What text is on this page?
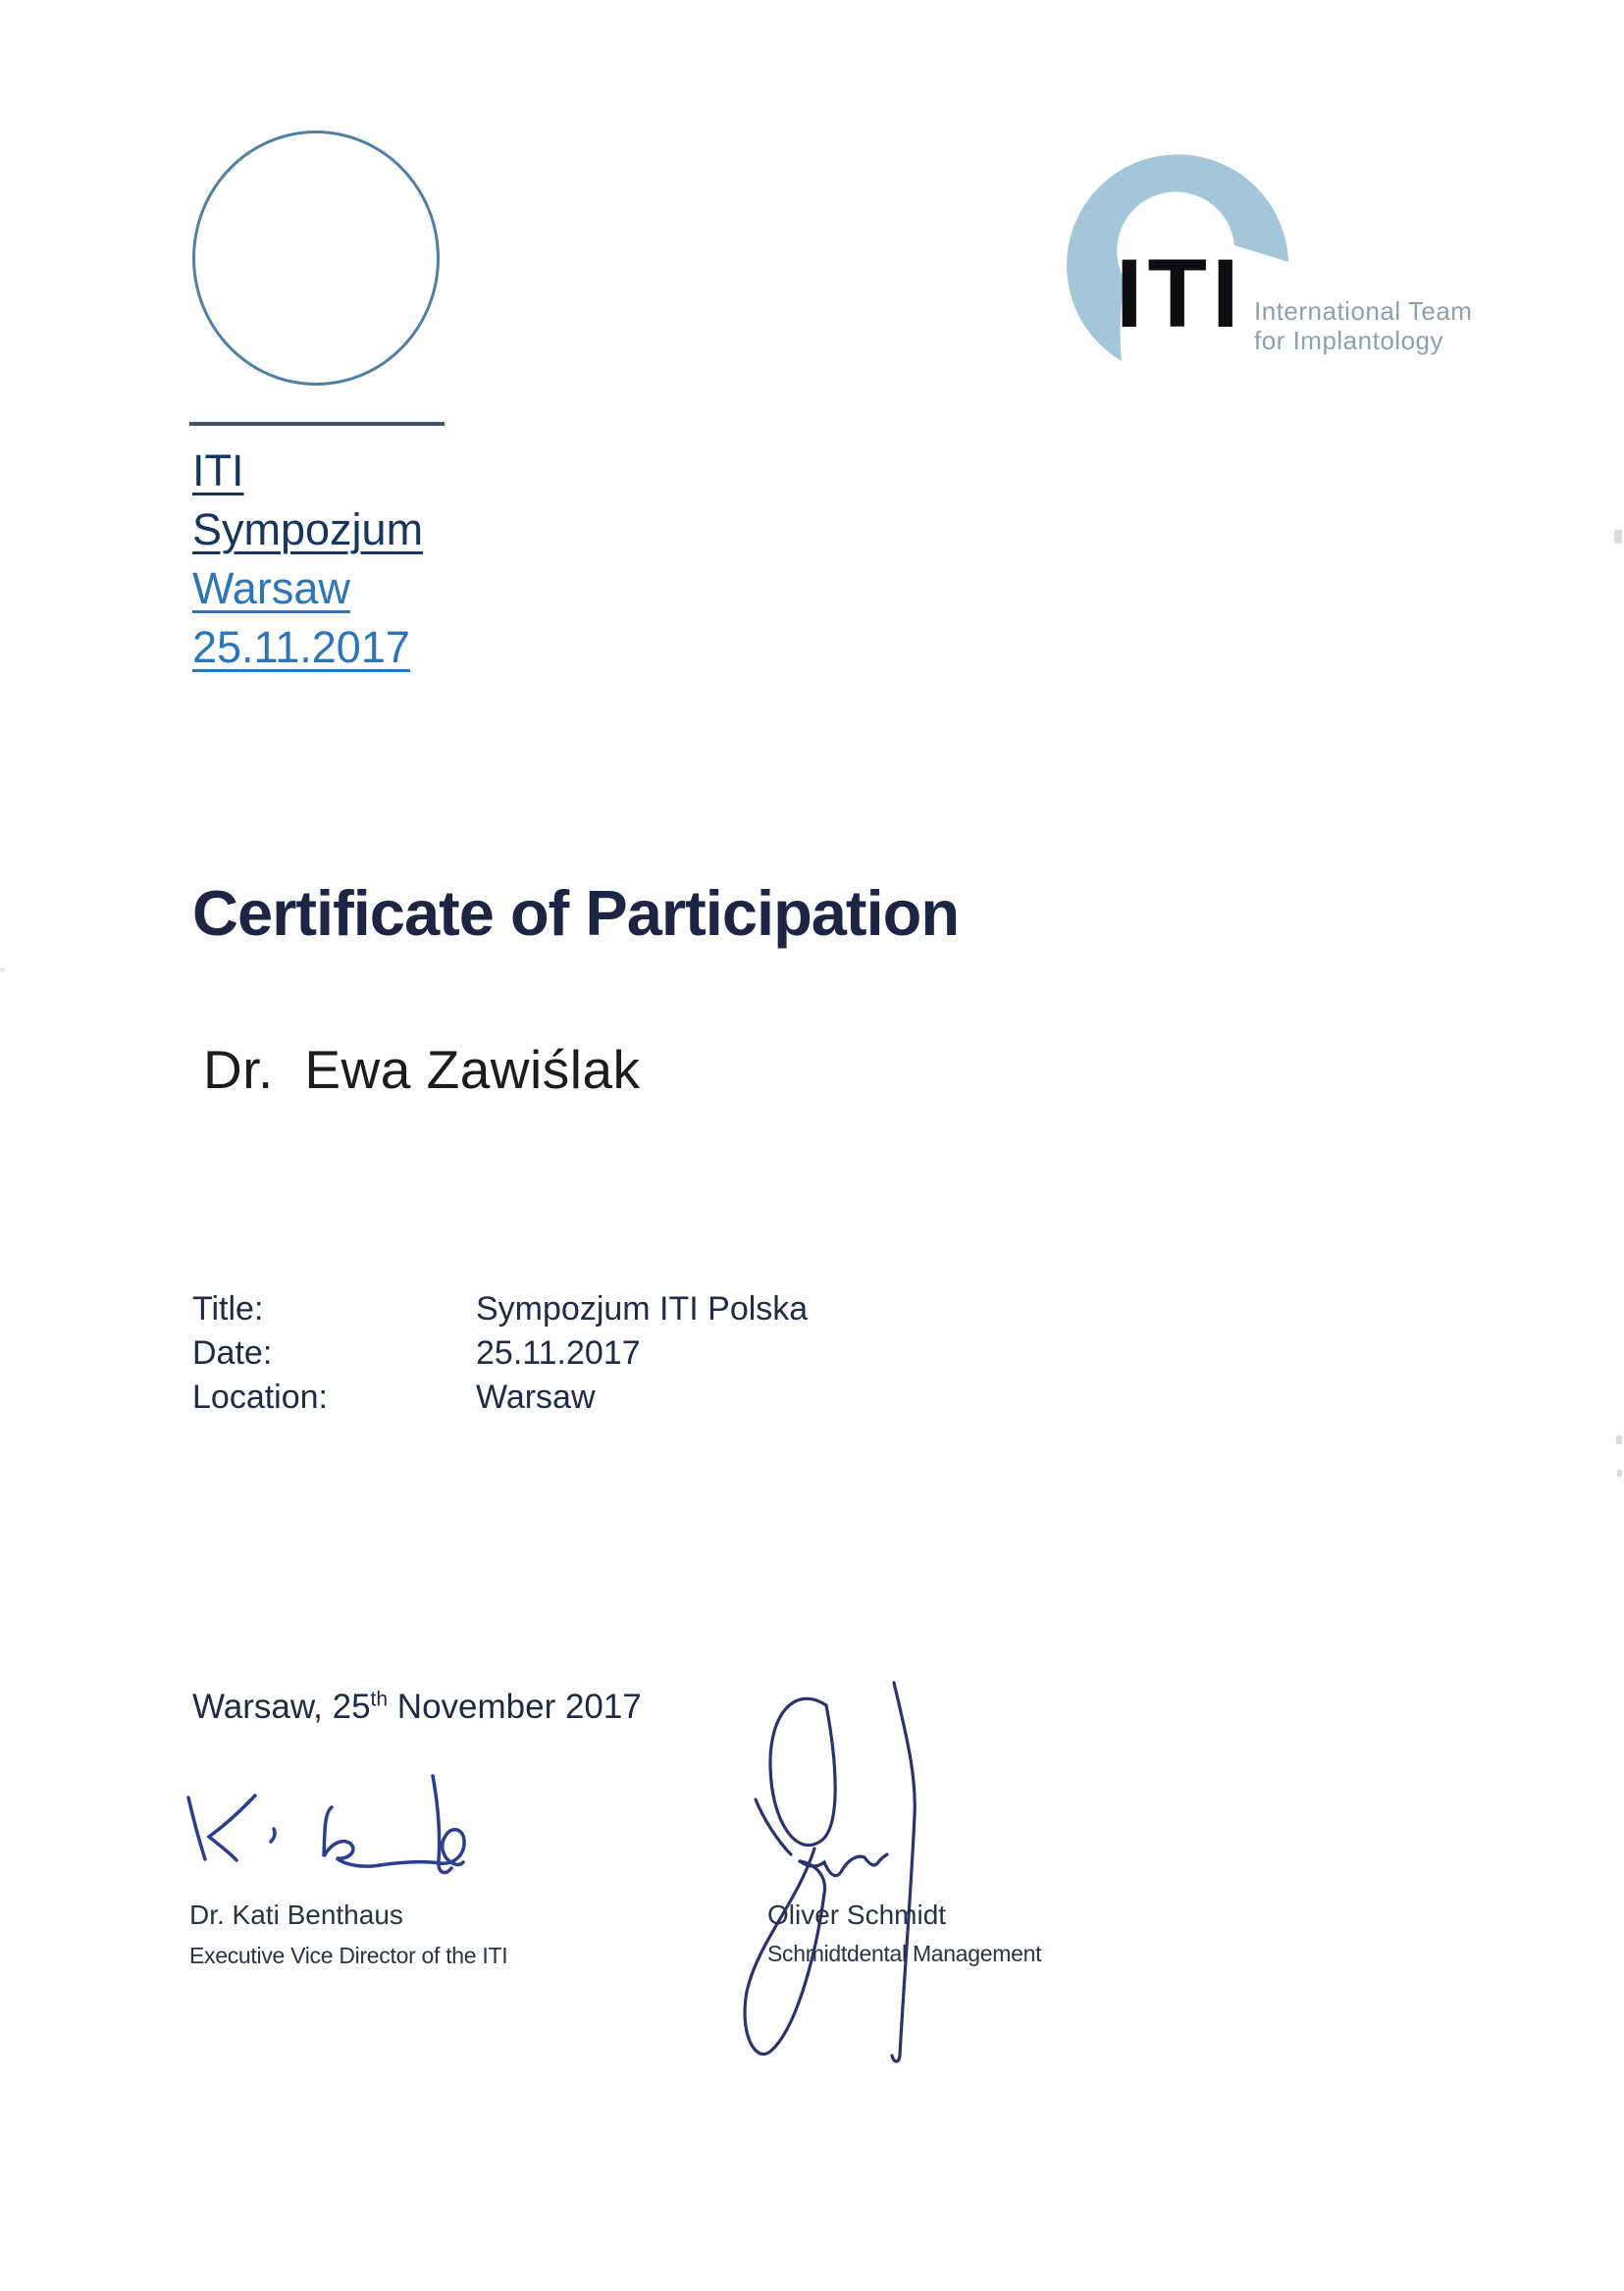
ITI
Sympozjum
Warsaw
25.11.2017
ITI International Team
for Implantology
Certificate of Participation
Dr.  Ewa Zawiślak
Title:	Sympozjum ITI Polska
Date:	25.11.2017
Location:	Warsaw
Warsaw, 25th November 2017
Dr. Kati Benthaus
Executive Vice Director of the ITI
Oliver Schmidt
Schmidtdental Management
